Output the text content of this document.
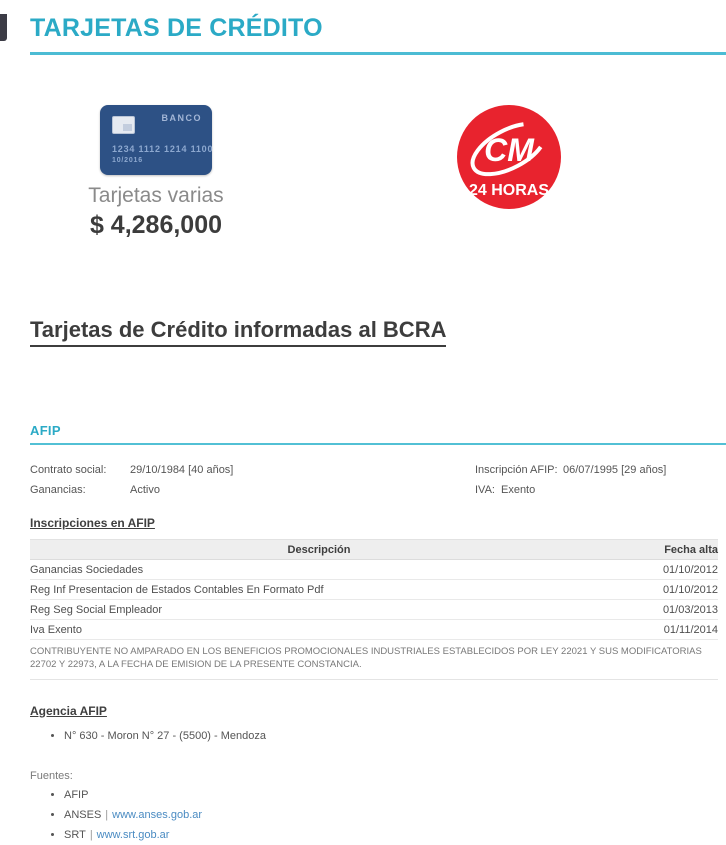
TARJETAS DE CRÉDITO
BANCO
1234 1112 1214 1100
10/2016
Tarjetas varias
$ 4,286,000
CM
24 HORAS
Tarjetas de Crédito informadas al BCRA
AFIP
Contrato social:	29/10/1984 [40 años]	Inscripción AFIP: 06/07/1995 [29 años]
Ganancias:	Activo	IVA: Exento
Inscripciones en AFIP
Descripción	Fecha alta
Ganancias Sociedades	01/10/2012
Reg Inf Presentacion de Estados Contables En Formato Pdf	01/10/2012
Reg Seg Social Empleador	01/03/2013
Iva Exento	01/11/2014
CONTRIBUYENTE NO AMPARADO EN LOS BENEFICIOS PROMOCIONALES INDUSTRIALES ESTABLECIDOS POR LEY 22021 Y SUS MODIFICATORIAS 22702 Y 22973, A LA FECHA DE EMISION DE LA PRESENTE CONSTANCIA.
Agencia AFIP
• N° 630 - Moron N° 27 - (5500) - Mendoza
Fuentes:
• AFIP
• ANSES | www.anses.gob.ar
• SRT | www.srt.gob.ar
